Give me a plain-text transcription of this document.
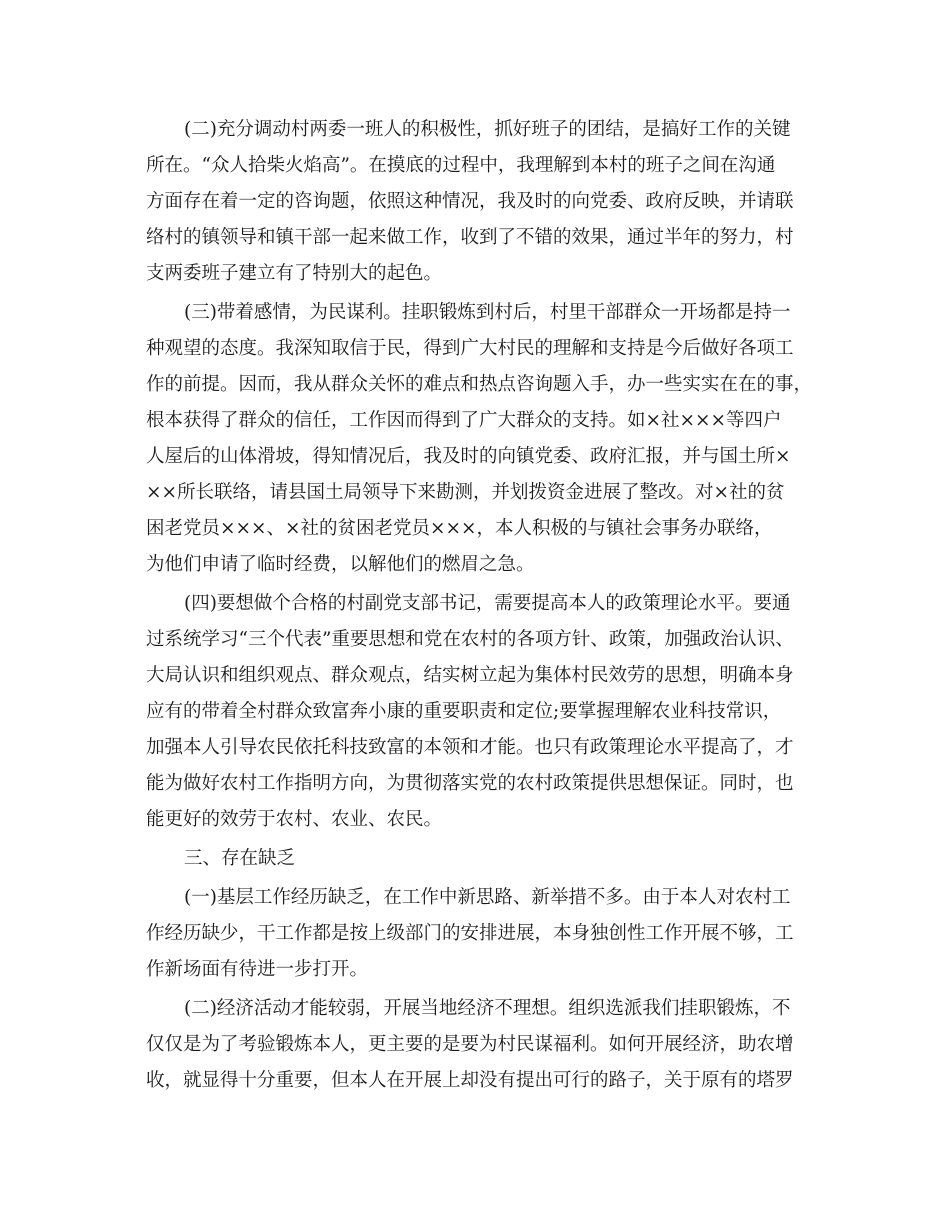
(二)充分调动村两委一班人的积极性，抓好班子的团结，是搞好工作的关键
所在。“众人拾柴火焰高”。在摸底的过程中，我理解到本村的班子之间在沟通
方面存在着一定的咨询题，依照这种情况，我及时的向党委、政府反映，并请联
络村的镇领导和镇干部一起来做工作，收到了不错的效果，通过半年的努力，村
支两委班子建立有了特别大的起色。
(三)带着感情，为民谋利。挂职锻炼到村后，村里干部群众一开场都是持一
种观望的态度。我深知取信于民，得到广大村民的理解和支持是今后做好各项工
作的前提。因而，我从群众关怀的难点和热点咨询题入手，办一些实实在在的事，
根本获得了群众的信任，工作因而得到了广大群众的支持。如×社×××等四户
人屋后的山体滑坡，得知情况后，我及时的向镇党委、政府汇报，并与国土所×
××所长联络，请县国土局领导下来勘测，并划拨资金进展了整改。对×社的贫
困老党员×××、×社的贫困老党员×××，本人积极的与镇社会事务办联络，
为他们申请了临时经费，以解他们的燃眉之急。
(四)要想做个合格的村副党支部书记，需要提高本人的政策理论水平。要通
过系统学习“三个代表”重要思想和党在农村的各项方针、政策，加强政治认识、
大局认识和组织观点、群众观点，结实树立起为集体村民效劳的思想，明确本身
应有的带着全村群众致富奔小康的重要职责和定位;要掌握理解农业科技常识，
加强本人引导农民依托科技致富的本领和才能。也只有政策理论水平提高了，才
能为做好农村工作指明方向，为贯彻落实党的农村政策提供思想保证。同时，也
能更好的效劳于农村、农业、农民。
三、存在缺乏
(一)基层工作经历缺乏，在工作中新思路、新举措不多。由于本人对农村工
作经历缺少，干工作都是按上级部门的安排进展，本身独创性工作开展不够，工
作新场面有待进一步打开。
(二)经济活动才能较弱，开展当地经济不理想。组织选派我们挂职锻炼，不
仅仅是为了考验锻炼本人，更主要的是要为村民谋福利。如何开展经济，助农增
收，就显得十分重要，但本人在开展上却没有提出可行的路子，关于原有的塔罗
